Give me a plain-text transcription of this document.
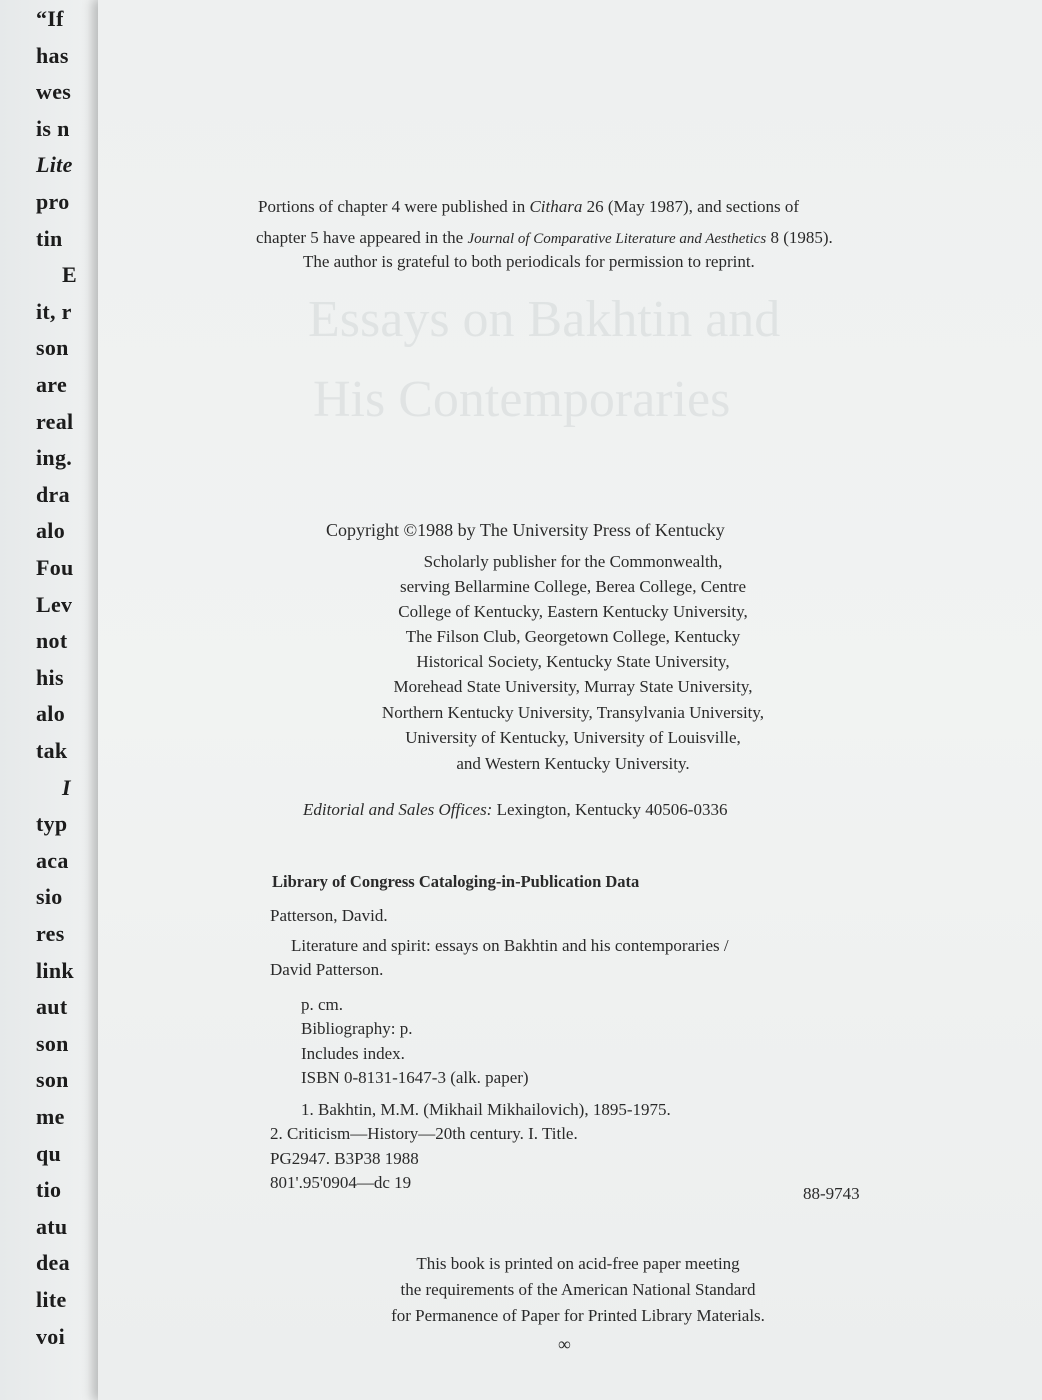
“If
has
wes
is n
Lite
pro
tin
E
it, r
son
are
real
ing.
dra
alo
Fou
Lev
not
his
alo
tak
I
typ
aca
sio
res
link
aut
son
son
me
qu
tio
atu
dea
lite
voi
Essays on Bakhtin and
His Contemporaries
Portions of chapter 4 were published in Cithara 26 (May 1987), and sections of
chapter 5 have appeared in the Journal of Comparative Literature and Aesthetics 8 (1985).
The author is grateful to both periodicals for permission to reprint.
Copyright ©1988 by The University Press of Kentucky
Scholarly publisher for the Commonwealth,
serving Bellarmine College, Berea College, Centre
College of Kentucky, Eastern Kentucky University,
The Filson Club, Georgetown College, Kentucky
Historical Society, Kentucky State University,
Morehead State University, Murray State University,
Northern Kentucky University, Transylvania University,
University of Kentucky, University of Louisville,
and Western Kentucky University.
Editorial and Sales Offices: Lexington, Kentucky 40506-0336
Library of Congress Cataloging-in-Publication Data
Patterson, David.
Literature and spirit: essays on Bakhtin and his contemporaries /
David Patterson.
p. cm.
Bibliography: p.
Includes index.
ISBN 0-8131-1647-3 (alk. paper)
1. Bakhtin, M.M. (Mikhail Mikhailovich), 1895-1975.
2. Criticism—History—20th century. I. Title.
PG2947. B3P38 1988
801'.95'0904—dc 19
88-9743
This book is printed on acid-free paper meeting
the requirements of the American National Standard
for Permanence of Paper for Printed Library Materials.
∞
